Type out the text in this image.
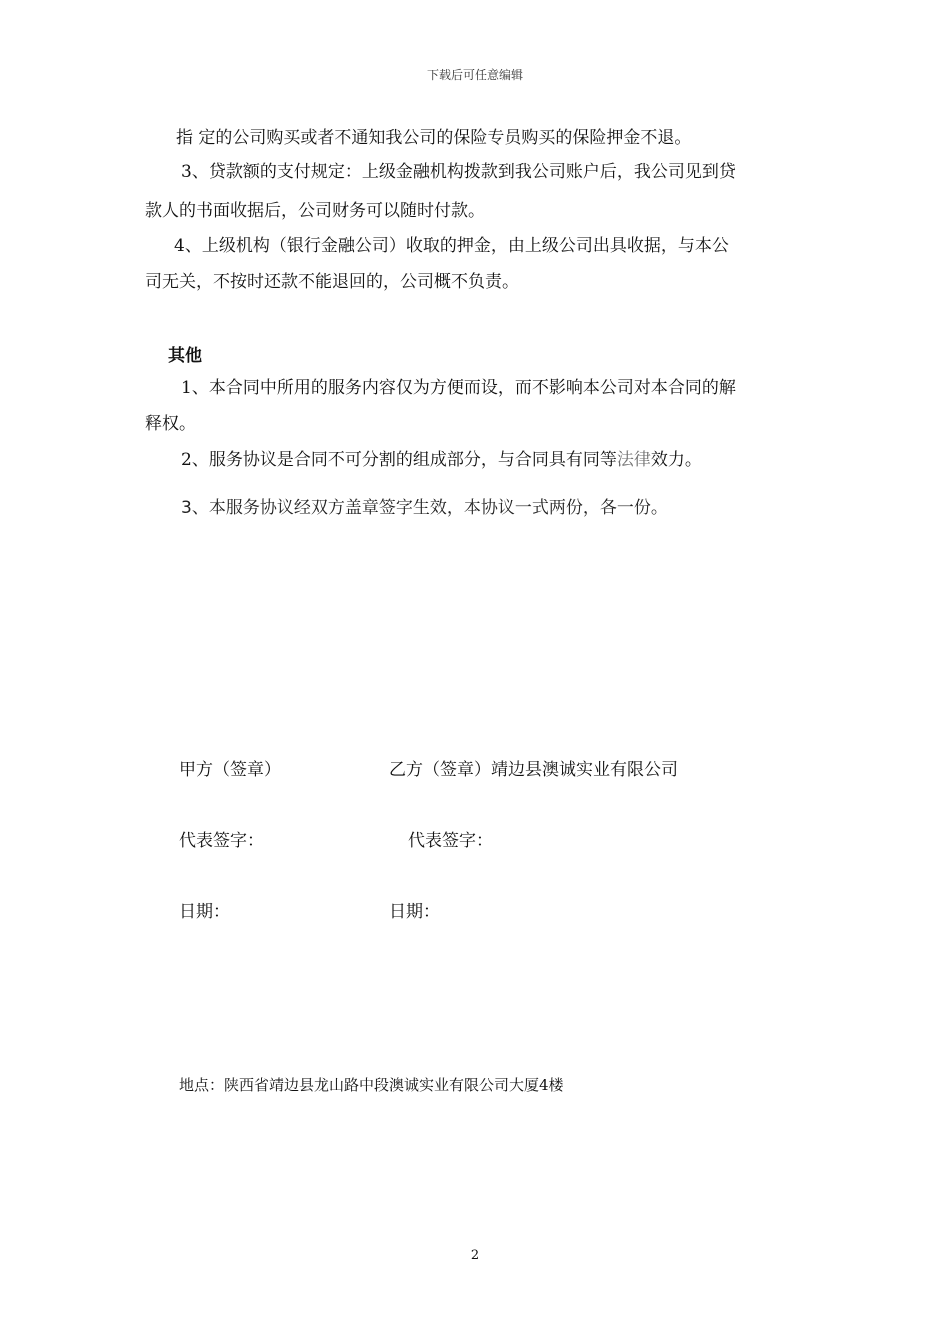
下载后可任意编辑
指 定的公司购买或者不通知我公司的保险专员购买的保险押金不退。
3、贷款额的支付规定：上级金融机构拨款到我公司账户后，我公司见到贷
款人的书面收据后，公司财务可以随时付款。
4、上级机构（银行金融公司）收取的押金，由上级公司出具收据，与本公
司无关，不按时还款不能退回的，公司概不负责。
其他
1、本合同中所用的服务内容仅为方便而设，而不影响本公司对本合同的解
释权。
2、服务协议是合同不可分割的组成部分，与合同具有同等法律效力。
3、本服务协议经双方盖章签字生效，本协议一式两份，各一份。
甲方（签章）	乙方（签章）靖边县澳诚实业有限公司
代表签字：	代表签字：
日期：	日期：
地点：陕西省靖边县龙山路中段澳诚实业有限公司大厦4楼
2
